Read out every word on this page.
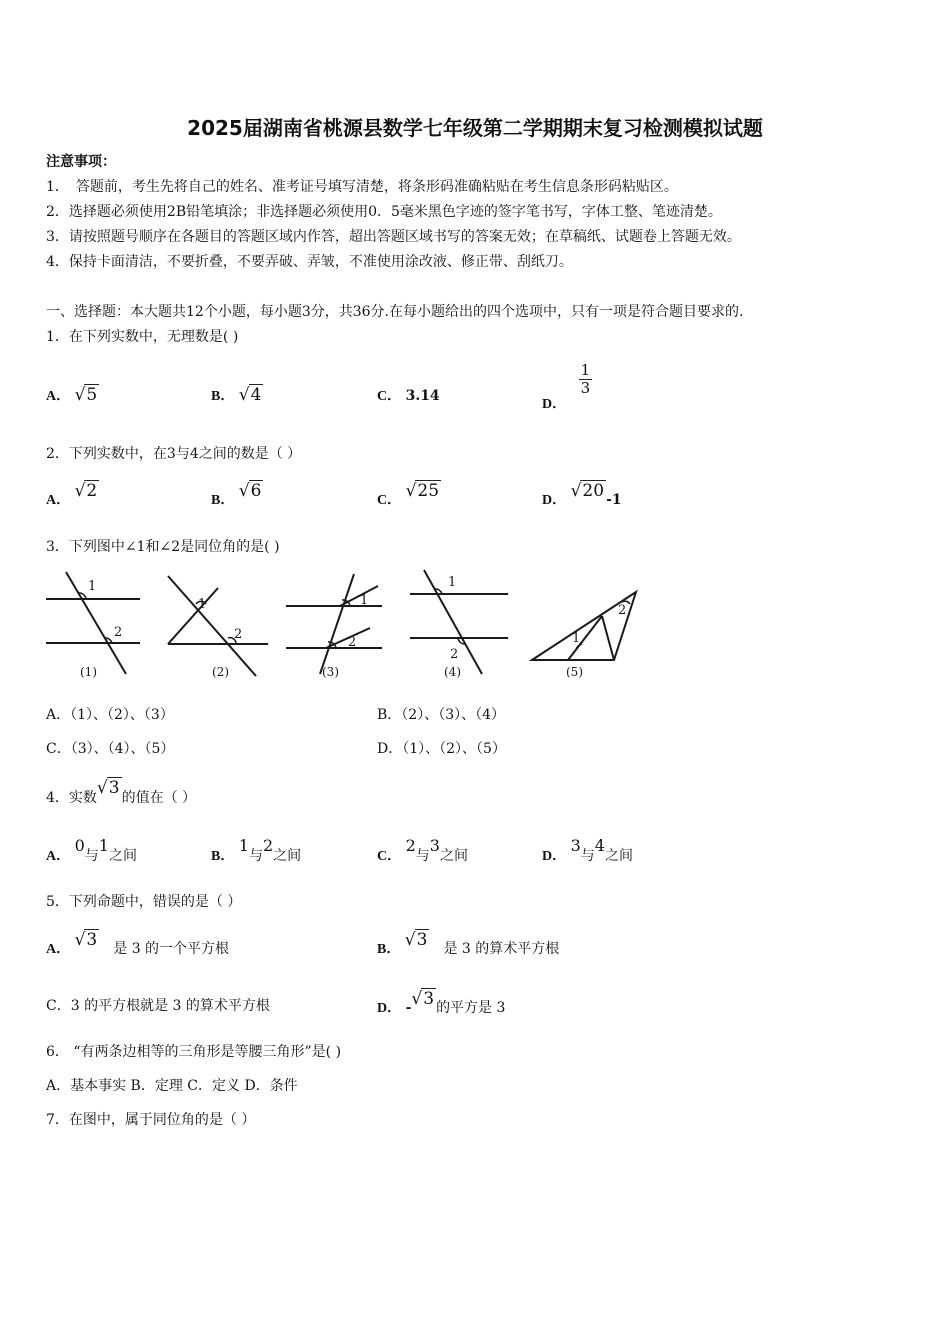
2025届湖南省桃源县数学七年级第二学期期末复习检测模拟试题
注意事项：
1．　答题前，考生先将自己的姓名、准考证号填写清楚，将条形码准确粘贴在考生信息条形码粘贴区。
2．选择题必须使用2B铅笔填涂；非选择题必须使用0．5毫米黑色字迹的签字笔书写，字体工整、笔迹清楚。
3．请按照题号顺序在各题目的答题区域内作答，超出答题区域书写的答案无效；在草稿纸、试题卷上答题无效。
4．保持卡面清洁，不要折叠，不要弄破、弄皱，不准使用涂改液、修正带、刮纸刀。
一、选择题：本大题共12个小题，每小题3分，共36分.在每小题给出的四个选项中，只有一项是符合题目要求的.
1．在下列实数中，无理数是( )
A． √5	B． √4	C． 3.14	D．
$\frac{1}{3}$
2．下列实数中，在3与4之间的数是（ ）
A． √2	B． √6	C． √25	D． √20 -1
3．下列图中∠1和∠2是同位角的是( )
1
2
1
2
1
2
1
2
1
2
(1)	(2)	(3)	(4)	(5)
A．（1）、（2）、（3）	B．（2）、（3）、（4）
C．（3）、（4）、（5）	D．（1）、（2）、（5）
4．实数√3 的值在（ ）
A． 0与1之间	B． 1与2之间	C． 2与3之间	D． 3与4之间
5．下列命题中，错误的是（ ）
A． √3 是 3 的一个平方根	B． √3 是 3 的算术平方根
C．3 的平方根就是 3 的算术平方根	D． -√3 的平方是 3
6． “有两条边相等的三角形是等腰三角形”是( )
A．基本事实 B．定理 C．定义 D．条件
7．在图中，属于同位角的是（ ）
